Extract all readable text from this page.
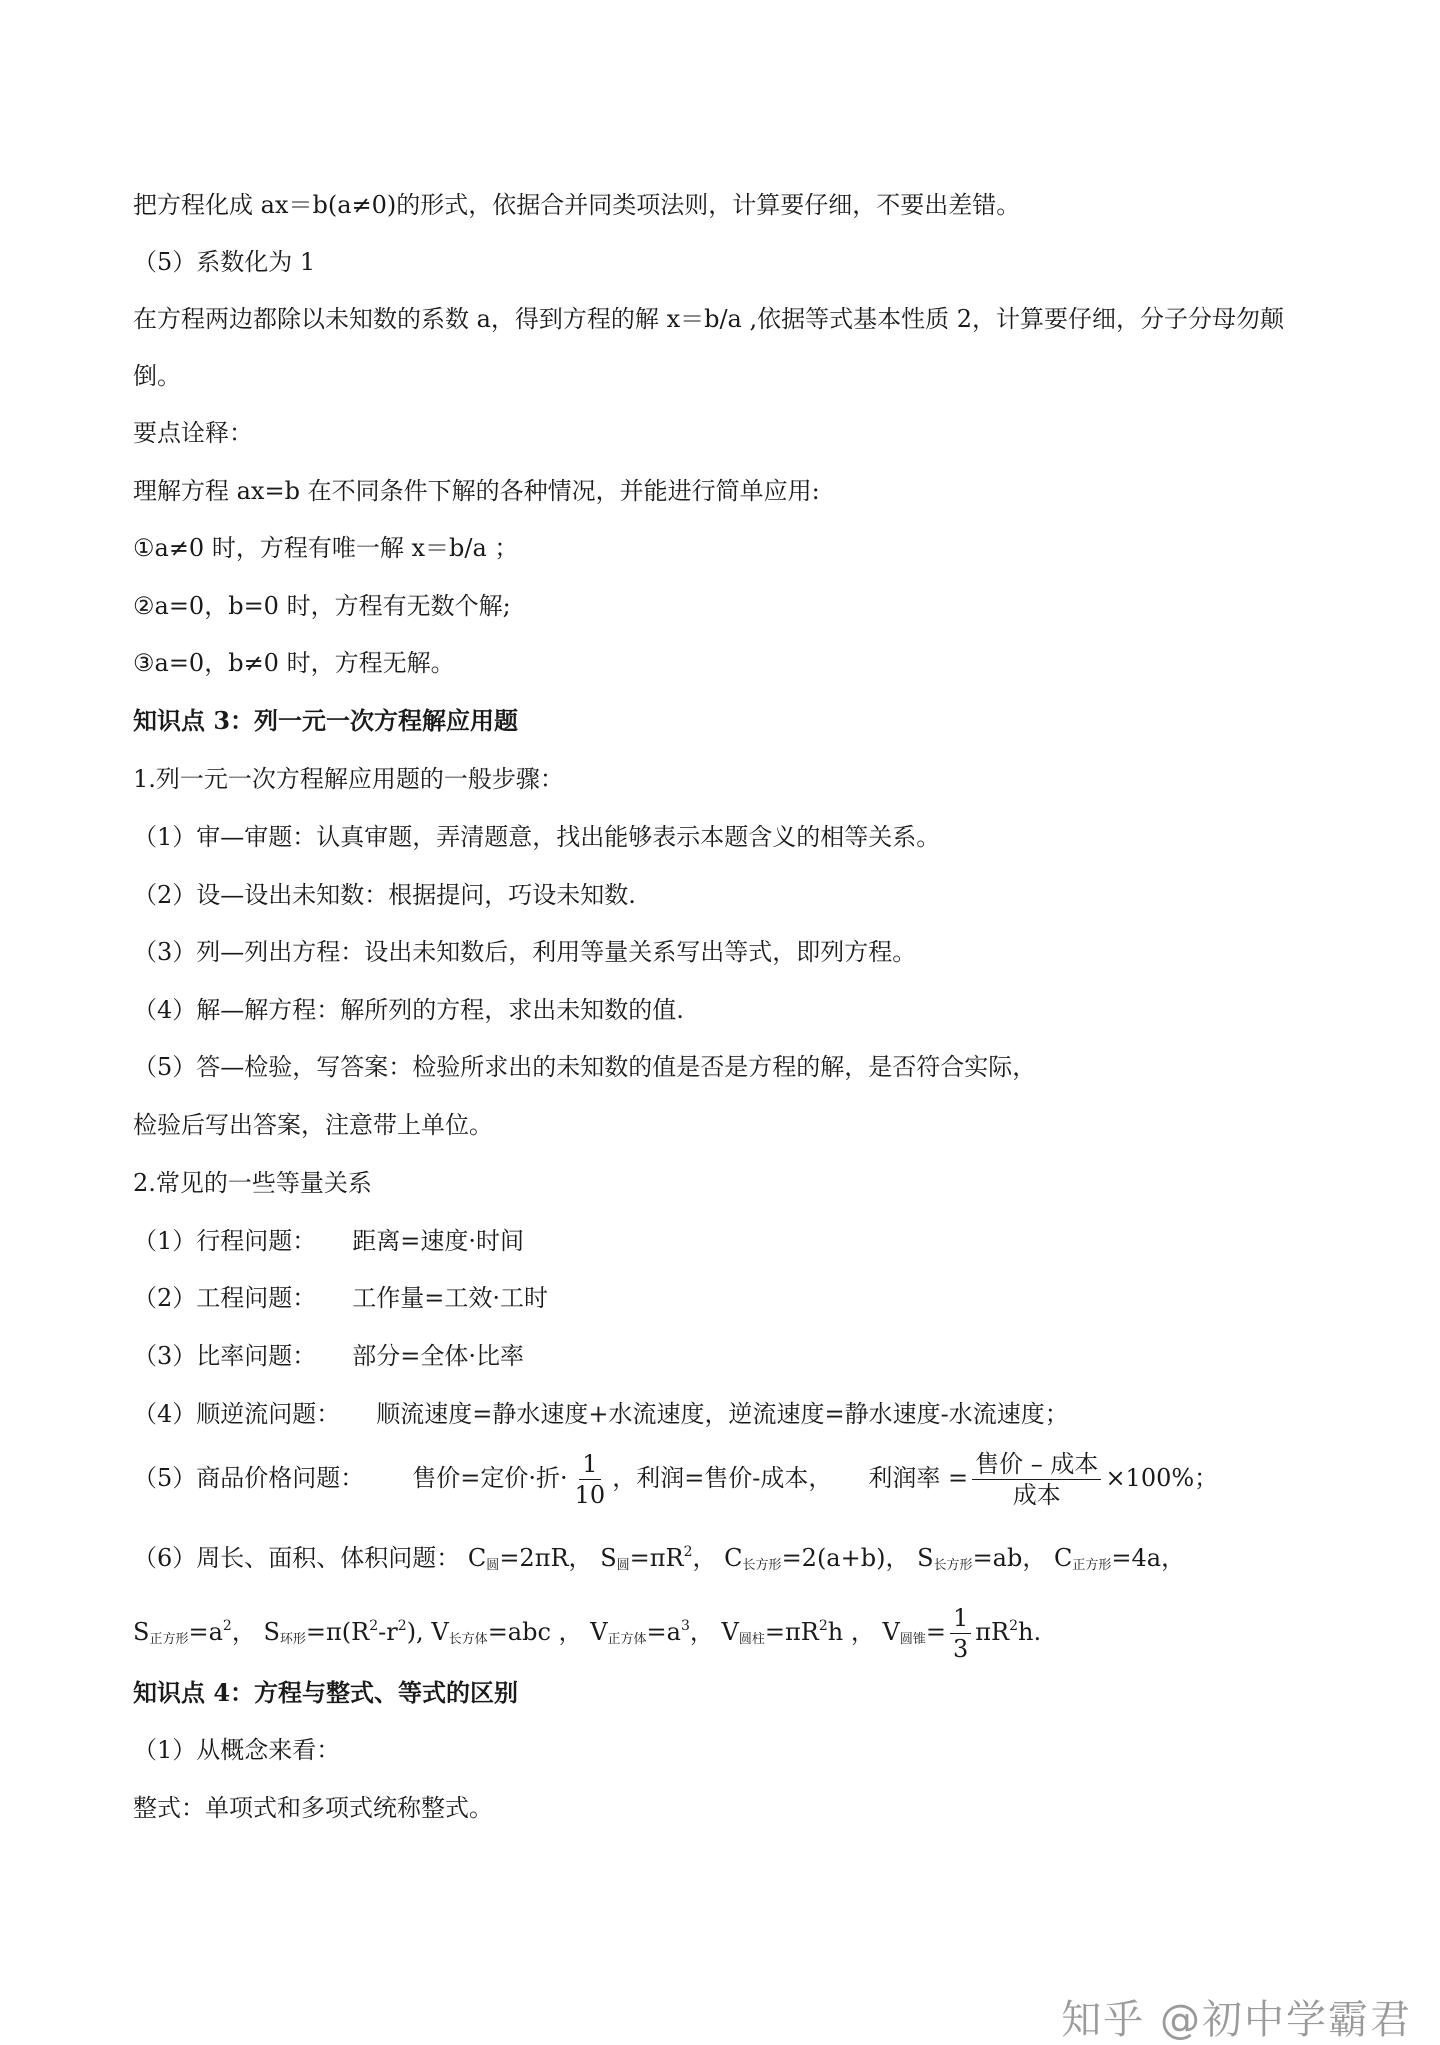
把方程化成 ax＝b(a≠0)的形式，依据合并同类项法则，计算要仔细，不要出差错。
（5）系数化为 1
在方程两边都除以未知数的系数 a，得到方程的解 x＝b/a ,依据等式基本性质 2，计算要仔细，分子分母勿颠
倒。
要点诠释：
理解方程 ax=b 在不同条件下解的各种情况，并能进行简单应用:
①a≠0 时，方程有唯一解 x＝b/a ；
②a=0，b=0 时，方程有无数个解;
③a=0，b≠0 时，方程无解。
知识点 3：列一元一次方程解应用题
1.列一元一次方程解应用题的一般步骤：
（1）审—审题：认真审题，弄清题意，找出能够表示本题含义的相等关系。
（2）设—设出未知数：根据提问，巧设未知数.
（3）列—列出方程：设出未知数后，利用等量关系写出等式，即列方程。
（4）解—解方程：解所列的方程，求出未知数的值.
（5）答—检验，写答案：检验所求出的未知数的值是否是方程的解，是否符合实际，
检验后写出答案，注意带上单位。
2.常见的一些等量关系
（1）行程问题： 距离=速度·时间
（2）工程问题： 工作量=工效·工时
（3）比率问题： 部分=全体·比率
（4）顺逆流问题： 顺流速度=静水速度+水流速度，逆流速度=静水速度-水流速度；
（5）商品价格问题： 售价=定价·折· $\frac{1}{10}$ ，利润=售价-成本， 利润率 = $\frac{\text{售价 – 成本}}{\text{成本}} \times 100\%$；
（6）周长、面积、体积问题： $C_圆=2\pi R$， $S_圆=\pi R^2$， $C_{长方形}=2(a+b)$， $S_{长方形}=ab$， $C_{正方形}=4a$，
$S_{正方形}=a^2$， $S_{环形}=\pi(R^2-r^2)$, $V_{长方体}=abc$ ， $V_{正方体}=a^3$， $V_{圆柱}=\pi R^2h$ ， $V_{圆锥}= \frac{1}{3} \pi R^2h$.
知识点 4：方程与整式、等式的区别
（1）从概念来看：
整式：单项式和多项式统称整式。
知乎 @初中学霸君
